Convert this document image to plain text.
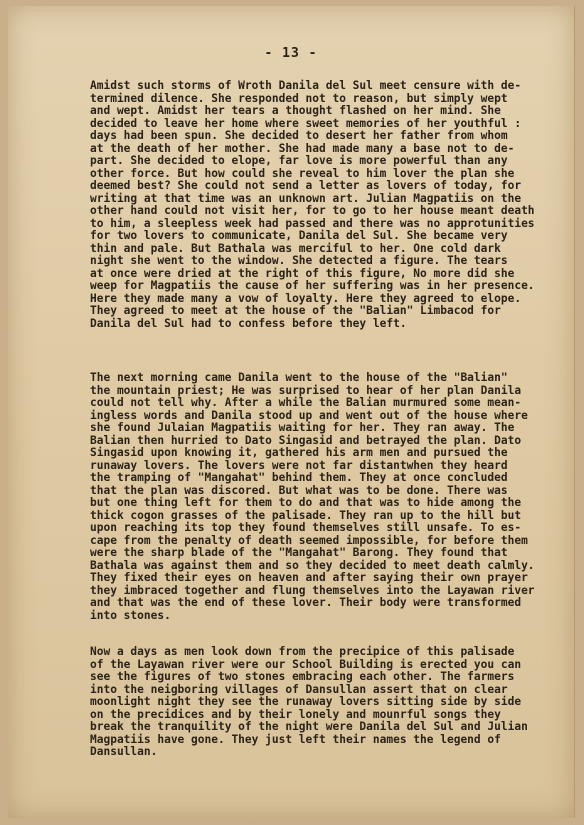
- 13 -
Amidst such storms of Wroth Danila del Sul meet censure with de-
termined dilence. She responded not to reason, but simply wept
and wept. Amidst her tears a thought flashed on her mind. She
decided to leave her home where sweet memories of her youthful :
days had been spun. She decided to desert her father from whom
at the death of her mother. She had made many a base not to de-
part. She decided to elope, far love is more powerful than any
other force. But how could she reveal to him lover the plan she
deemed best? She could not send a letter as lovers of today, for
writing at that time was an unknown art. Julian Magpatiis on the
other hand could not visit her, for to go to her house meant death
to him, a sleepless week had passed and there was no approtunities
for two lovers to communicate, Danila del Sul. She became very
thin and pale. But Bathala was merciful to her. One cold dark
night she went to the window. She detected a figure. The tears
at once were dried at the right of this figure, No more did she
weep for Magpatiis the cause of her suffering was in her presence.
Here they made many a vow of loyalty. Here they agreed to elope.
They agreed to meet at the house of the "Balian" Limbacod for
Danila del Sul had to confess before they left.
The next morning came Danila went to the house of the "Balian"
the mountain priest; He was surprised to hear of her plan Danila
could not tell why. After a while the Balian murmured some mean-
ingless words and Danila stood up and went out of the house where
she found Julaian Magpatiis waiting for her. They ran away. The
Balian then hurried to Dato Singasid and betrayed the plan. Dato
Singasid upon knowing it, gathered his arm men and pursued the
runaway lovers. The lovers were not far distantwhen they heard
the tramping of "Mangahat" behind them. They at once concluded
that the plan was discored. But what was to be done. There was
but one thing left for them to do and that was to hide among the
thick cogon grasses of the palisade. They ran up to the hill but
upon reaching its top they found themselves still unsafe. To es-
cape from the penalty of death seemed impossible, for before them
were the sharp blade of the "Mangahat" Barong. They found that
Bathala was against them and so they decided to meet death calmly.
They fixed their eyes on heaven and after saying their own prayer
they imbraced together and flung themselves into the Layawan river
and that was the end of these lover. Their body were transformed
into stones.
Now a days as men look down from the precipice of this palisade
of the Layawan river were our School Building is erected you can
see the figures of two stones embracing each other. The farmers
into the neigboring villages of Dansullan assert that on clear
moonlight night they see the runaway lovers sitting side by side
on the precidices and by their lonely and mounrful songs they
break the tranquility of the night were Danila del Sul and Julian
Magpatiis have gone. They just left their names the legend of
Dansullan.
